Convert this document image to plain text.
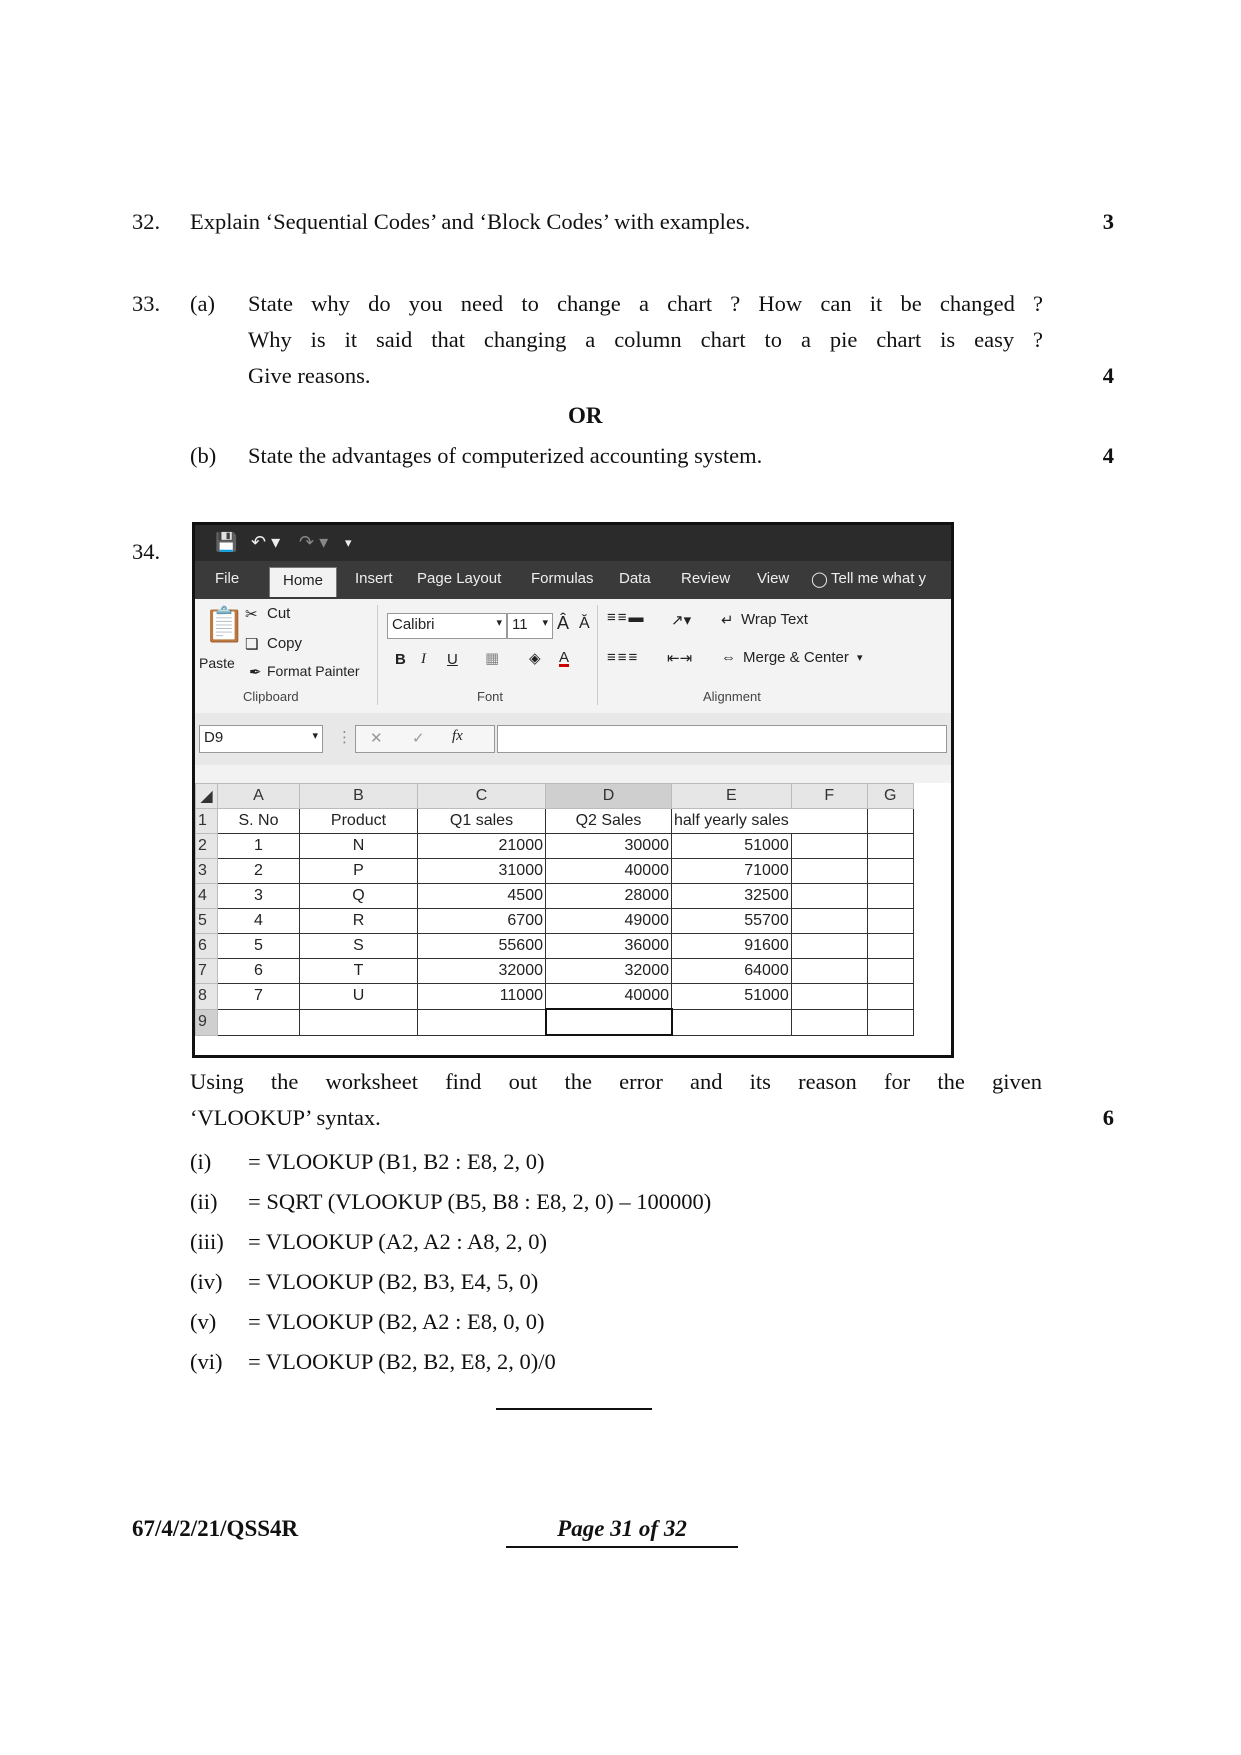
32. Explain ‘Sequential Codes’ and ‘Block Codes’ with examples.	3
33. (a) State why do you need to change a chart ? How can it be changed ?
Why is it said that changing a column chart to a pie chart is easy ?
Give reasons.	4
OR
(b) State the advantages of computerized accounting system.	4
34.	💾 ↶ ▾ ↷ ▾ ▾
File	Home	Insert Page Layout Formulas Data Review View ◯ Tell me what y
📋
Paste
✂ Cut
❏ Copy
✒ Format Painter
Clipboard
Calibri	▾ 11 ▾ Â Ǎ
B I U ▦ ◈ A
Font
≡≡▬ ↗▾
≡≡≡ ⇤⇥
↵ Wrap Text
⇔ Merge & Center ▾
Alignment
D9	▾ ⋮ ✕ ✓ fx
◢	A	B	C	D	E	F	G
1	S. No	Product	Q1 sales	Q2 Sales	half yearly sales		
2	1	N	21000	30000	51000		
3	2	P	31000	40000	71000		
4	3	Q	4500	28000	32500		
5	4	R	6700	49000	55700		
6	5	S	55600	36000	91600		
7	6	T	32000	32000	64000		
8	7	U	11000	40000	51000		
9							
Using the worksheet find out the error and its reason for the given
‘VLOOKUP’ syntax.	6
(i) = VLOOKUP (B1, B2 : E8, 2, 0)
(ii) = SQRT (VLOOKUP (B5, B8 : E8, 2, 0) – 100000)
(iii) = VLOOKUP (A2, A2 : A8, 2, 0)
(iv) = VLOOKUP (B2, B3, E4, 5, 0)
(v) = VLOOKUP (B2, A2 : E8, 0, 0)
(vi) = VLOOKUP (B2, B2, E8, 2, 0)/0
67/4/2/21/QSS4R	Page 31 of 32
